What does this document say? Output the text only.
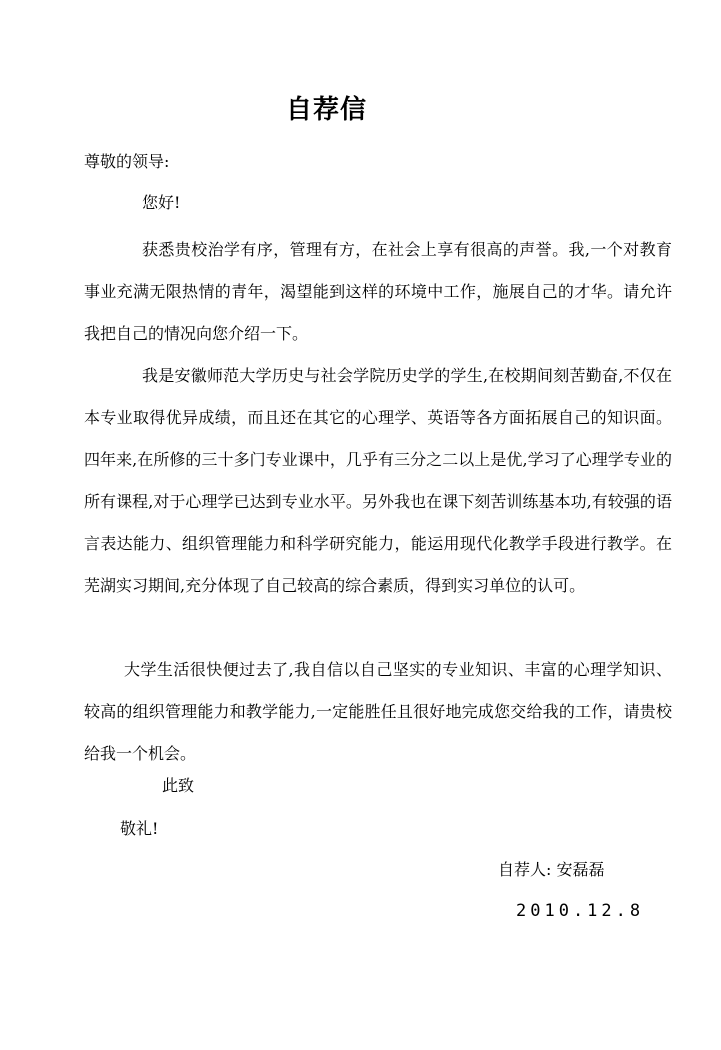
自荐信
尊敬的领导:
您好!
获悉贵校治学有序，管理有方，在社会上享有很高的声誉。我,一个对教育事业充满无限热情的青年，渴望能到这样的环境中工作，施展自己的才华。请允许我把自己的情况向您介绍一下。
我是安徽师范大学历史与社会学院历史学的学生,在校期间刻苦勤奋,不仅在本专业取得优异成绩，而且还在其它的心理学、英语等各方面拓展自己的知识面。四年来,在所修的三十多门专业课中，几乎有三分之二以上是优,学习了心理学专业的所有课程,对于心理学已达到专业水平。另外我也在课下刻苦训练基本功,有较强的语言表达能力、组织管理能力和科学研究能力，能运用现代化教学手段进行教学。在芜湖实习期间,充分体现了自己较高的综合素质，得到实习单位的认可。
大学生活很快便过去了,我自信以自己坚实的专业知识、丰富的心理学知识、较高的组织管理能力和教学能力,一定能胜任且很好地完成您交给我的工作，请贵校给我一个机会。
此致
敬礼!
自荐人: 安磊磊
2010.12.8
